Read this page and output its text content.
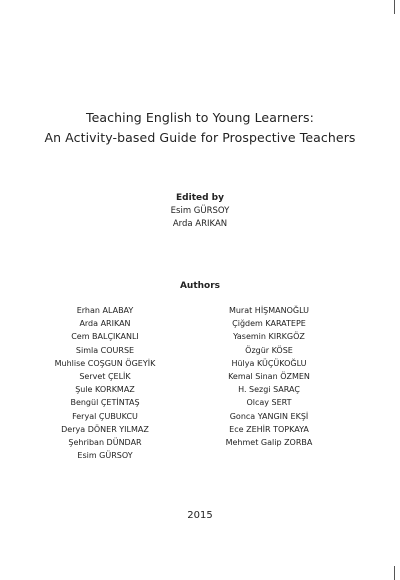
Teaching English to Young Learners:
An Activity-based Guide for Prospective Teachers
Edited by
Esim GÜRSOY
Arda ARIKAN
Authors
Erhan ALABAY
Arda ARIKAN
Cem BALÇIKANLI
Simla COURSE
Muhlise COŞGUN ÖGEYİK
Servet ÇELİK
Şule KORKMAZ
Bengül ÇETİNTAŞ
Feryal ÇUBUKCU
Derya DÖNER YILMAZ
Şehriban DÜNDAR
Esim GÜRSOY
Murat HİŞMANOĞLU
Çiğdem KARATEPE
Yasemin KIRKGÖZ
Özgür KÖSE
Hülya KÜÇÜKOĞLU
Kemal Sinan ÖZMEN
H. Sezgi SARAÇ
Olcay SERT
Gonca YANGIN EKŞİ
Ece ZEHİR TOPKAYA
Mehmet Galip ZORBA
2015
